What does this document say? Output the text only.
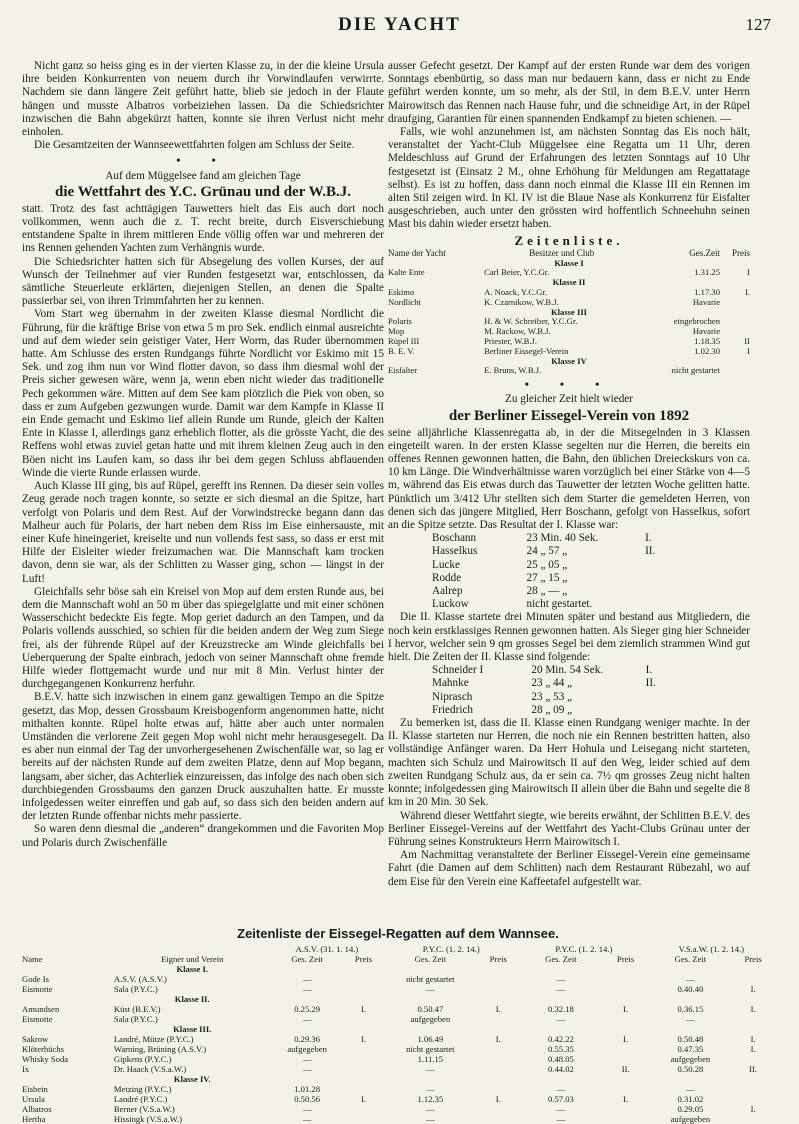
DIE YACHT	127

Nicht ganz so heiss ging es in der vierten Klasse zu, in der die kleine Ursula ihre beiden Konkurrenten von neuem durch ihr Vorwindlaufen verwirrte. Nachdem sie dann längere Zeit geführt hatte, blieb sie jedoch in der Flaute hängen und musste Albatros vorbeiziehen lassen. Da die Schiedsrichter inzwischen die Bahn abgekürzt hatten, konnte sie ihren Verlust nicht mehr einholen.

Die Gesamtzeiten der Wannseewettfahrten folgen am Schluss der Seite.

• •
Auf dem Müggelsee fand am gleichen Tage
die Wettfahrt des Y.C. Grünau und der W.B.J.

statt. Trotz des fast achttägigen Tauwetters hielt das Eis auch dort noch vollkommen, wenn auch die z. T. recht breite, durch Eisverschiebung entstandene Spalte in ihrem mittleren Ende völlig offen war und mehreren der ins Rennen gehenden Yachten zum Verhängnis wurde.

Die Schiedsrichter hatten sich für Absegelung des vollen Kurses, der auf Wunsch der Teilnehmer auf vier Runden festgesetzt war, entschlossen, da sämtliche Steuerleute erklärten, diejenigen Stellen, an denen die Spalte passierbar sei, von ihren Trimmfahrten her zu kennen.

Vom Start weg übernahm in der zweiten Klasse diesmal Nordlicht die Führung, für die kräftige Brise von etwa 5 m pro Sek. endlich einmal ausreichte und auf dem wieder sein geistiger Vater, Herr Worm, das Ruder übernommen hatte. Am Schlusse des ersten Rundgangs führte Nordlicht vor Eskimo mit 15 Sek. und zog ihm nun vor Wind flotter davon, so dass ihm diesmal wohl der Preis sicher gewesen wäre, wenn ja, wenn eben nicht wieder das traditionelle Pech gekommen wäre. Mitten auf dem See kam plötzlich die Piek von oben, so dass er zum Aufgeben gezwungen wurde. Damit war dem Kampfe in Klasse II ein Ende gemacht und Eskimo lief allein Runde um Runde, gleich der Kalten Ente in Klasse I, allerdings ganz erheblich flotter, als die grösste Yacht, die des Reffens wohl etwas zuviel getan hatte und mit ihrem kleinen Zeug auch in den Böen nicht ins Laufen kam, so dass ihr bei dem gegen Schluss abflauenden Winde die vierte Runde erlassen wurde.

Auch Klasse III ging, bis auf Rüpel, gerefft ins Rennen. Da dieser sein volles Zeug gerade noch tragen konnte, so setzte er sich diesmal an die Spitze, hart verfolgt von Polaris und dem Rest. Auf der Vorwindstrecke begann dann das Malheur auch für Polaris, der hart neben dem Riss im Eise einhersauste, mit einer Kufe hineingeriet, kreiselte und nun vollends fest sass, so dass er erst mit Hilfe der Eisleiter wieder freizumachen war. Die Mannschaft kam trocken davon, denn sie war, als der Schlitten zu Wasser ging, schon — längst in der Luft!

Gleichfalls sehr böse sah ein Kreisel von Mop auf dem ersten Runde aus, bei dem die Mannschaft wohl an 50 m über das spiegelglatte und mit einer schönen Wasserschicht bedeckte Eis fegte. Mop geriet dadurch an den Tampen, und da Polaris vollends ausschied, so schien für die beiden andern der Weg zum Siege frei, als der führende Rüpel auf der Kreuzstrecke am Winde gleichfalls bei Ueberquerung der Spalte einbrach, jedoch von seiner Mannschaft ohne fremde Hilfe wieder flottgemacht wurde und nur mit 8 Min. Verlust hinter der durchgegangenen Konkurrenz herfuhr.

B.E.V. hatte sich inzwischen in einem ganz gewaltigen Tempo an die Spitze gesetzt, das Mop, dessen Grossbaum Kreisbogenform angenommen hatte, nicht mithalten konnte. Rüpel holte etwas auf, hätte aber auch unter normalen Umständen die verlorene Zeit gegen Mop wohl nicht mehr herausgesegelt. Da es aber nun einmal der Tag der unvorhergesehenen Zwischenfälle war, so lag er bereits auf der nächsten Runde auf dem zweiten Platze, denn auf Mop begann, langsam, aber sicher, das Achterliek einzureissen, das infolge des nach oben sich durchbiegenden Grossbaums den ganzen Druck auszuhalten hatte. Er musste infolgedessen weiter einreffen und gab auf, so dass sich den beiden andern auf der letzten Runde offenbar nichts mehr passierte.

So waren denn diesmal die „anderen“ drangekommen und die Favoriten Mop und Polaris durch Zwischenfälle

ausser Gefecht gesetzt. Der Kampf auf der ersten Runde war dem des vorigen Sonntags ebenbürtig, so dass man nur bedauern kann, dass er nicht zu Ende geführt werden konnte, um so mehr, als der Stil, in dem B.E.V. unter Herrn Mairowitsch das Rennen nach Hause fuhr, und die schneidige Art, in der Rüpel draufging, Garantien für einen spannenden Endkampf zu bieten schienen. —

Falls, wie wohl anzunehmen ist, am nächsten Sonntag das Eis noch hält, veranstaltet der Yacht-Club Müggelsee eine Regatta um 11 Uhr, deren Meldeschluss auf Grund der Erfahrungen des letzten Sonntags auf 10 Uhr festgesetzt ist (Einsatz 2 M., ohne Erhöhung für Meldungen am Regattatage selbst). Es ist zu hoffen, dass dann noch einmal die Klasse III ein Rennen im alten Stil zeigen wird. In Kl. IV ist die Blaue Nase als Konkurrenz für Eisfalter ausgeschrieben, auch unter den grössten wird hoffentlich Schneehuhn seinen Mast bis dahin wieder ersetzt haben.

Zeitenliste.
Name der Yacht	Besitzer und Club	Ges.Zeit	Preis
Klasse I			
Kalte Ente	Carl Beier, Y.C.Gr.	1.31.25	I
Klasse II			
Eskimo	A. Noack, Y.C.Gr.	1.17.30	I.
Nordlicht	K. Czarnikow, W.B.J.	Havarie	
Klasse III			
Polaris	H. & W. Schreiber, Y.C.Gr.	eingebrochen	
Mop	M. Rackow, W.B.J.	Havarie	
Rüpel III	Priester, W.B.J.	1.18.35	II
B. E. V.	Berliner Eissegel-Verein	1.02.30	I
Klasse IV			
Eisfalter	E. Bruns, W.B.J.	nicht gestartet	
• • •
Zu gleicher Zeit hielt wieder
der Berliner Eissegel-Verein von 1892

seine alljährliche Klassenregatta ab, in der die Mitsegelnden in 3 Klassen eingeteilt waren. In der ersten Klasse segelten nur die Herren, die bereits ein offenes Rennen gewonnen hatten, die Bahn, den üblichen Dreieckskurs von ca. 10 km Länge. Die Windverhältnisse waren vorzüglich bei einer Stärke von 4—5 m, während das Eis etwas durch das Tauwetter der letzten Woche gelitten hatte. Pünktlich um 3/412 Uhr stellten sich dem Starter die gemeldeten Herren, von denen sich das jüngere Mitglied, Herr Boschann, gefolgt von Hasselkus, sofort an die Spitze setzte. Das Resultat der I. Klasse war:

Boschann	23 Min. 40 Sek.	I.
Hasselkus	24 „ 57 „	II.
Lucke	25 „ 05 „	
Rodde	27 „ 15 „	
Aalrep	28 „ — „	
Luckow	nicht gestartet.	

Die II. Klasse startete drei Minuten später und bestand aus Mitgliedern, die noch kein erstklassiges Rennen gewonnen hatten. Als Sieger ging hier Schneider I hervor, welcher sein 9 qm grosses Segel bei dem ziemlich strammen Wind gut hielt. Die Zeiten der II. Klasse sind folgende:

Schneider I	20 Min. 54 Sek.	I.
Mahnke	23 „ 44 „	II.
Niprasch	23 „ 53 „	
Friedrich	28 „ 09 „	

Zu bemerken ist, dass die II. Klasse einen Rundgang weniger machte. In der II. Klasse starteten nur Herren, die noch nie ein Rennen bestritten hatten, also vollständige Anfänger waren. Da Herr Hohula und Leisegang nicht starteten, machten sich Schulz und Mairowitsch II auf den Weg, leider schied auf dem zweiten Rundgang Schulz aus, da er sein ca. 7½ qm grosses Zeug nicht halten konnte; infolgedessen ging Mairowitsch II allein über die Bahn und segelte die 8 km in 20 Min. 30 Sek.

Während dieser Wettfahrt siegte, wie bereits erwähnt, der Schlitten B.E.V. des Berliner Eissegel-Vereins auf der Wettfahrt des Yacht-Clubs Grünau unter der Führung seines Konstrukteurs Herrn Mairowitsch I.

Am Nachmittag veranstaltete der Berliner Eissegel-Verein eine gemeinsame Fahrt (die Damen auf dem Schlitten) nach dem Restaurant Rübezahl, wo auf dem Eise für den Verein eine Kaffeetafel aufgestellt war.

Zeitenliste der Eissegel-Regatten auf dem Wannsee.
		A.S.V. (31. 1. 14.)		P.Y.C. (1. 2. 14.)		P.Y.C. (1. 2. 14.)		V.S.a.W. (1. 2. 14.)	
Name	Eigner und Verein	Ges. Zeit	Preis	Ges. Zeit	Preis	Ges. Zeit	Preis	Ges. Zeit	Preis
	Klasse I.								
Gode Is	A.S.V. (A.S.V.)	—		nicht gestartet		—		—	
Eismotte	Sala (P.Y.C.)	—		—		—		0.40.40	I.
	Klasse II.								
Amundsen	Küst (B.E.V.)	0.25.29	I.	0.50.47	I.	0.32.18	I.	0.36.15	I.
Eismotte	Sala (P.Y.C.)	—		aufgegeben		—		—	
	Klasse III.								
Sakrow	Landré, Mütze (P.Y.C.)	0.29.36	I.	1.06.49	I.	0.42.22	I.	0.50.48	I.
Klöterbüchs	Warning, Brüning (A.S.V.)	aufgegeben		nicht gestartet		0.55.35		0.47.35	I.
Whisky Soda	Gipkens (P.Y.C.)	—		1.11.15		0.48.05		aufgegeben	
Ix	Dr. Haack (V.S.a.W.)	—		—		0.44.02	II.	0.50.28	II.
	Klasse IV.								
Eisbein	Metzing (P.Y.C.)	1.01.28		—		—		—	
Ursula	Landré (P.Y.C.)	0.50.56	I.	1.12.35	I.	0.57.03	I.	0.31.02	
Albatros	Berner (V.S.a.W.)	—		—		—		0.29.05	I.
Hertha	Hissingk (V.S.a.W.)	—		—		—		aufgegeben	
